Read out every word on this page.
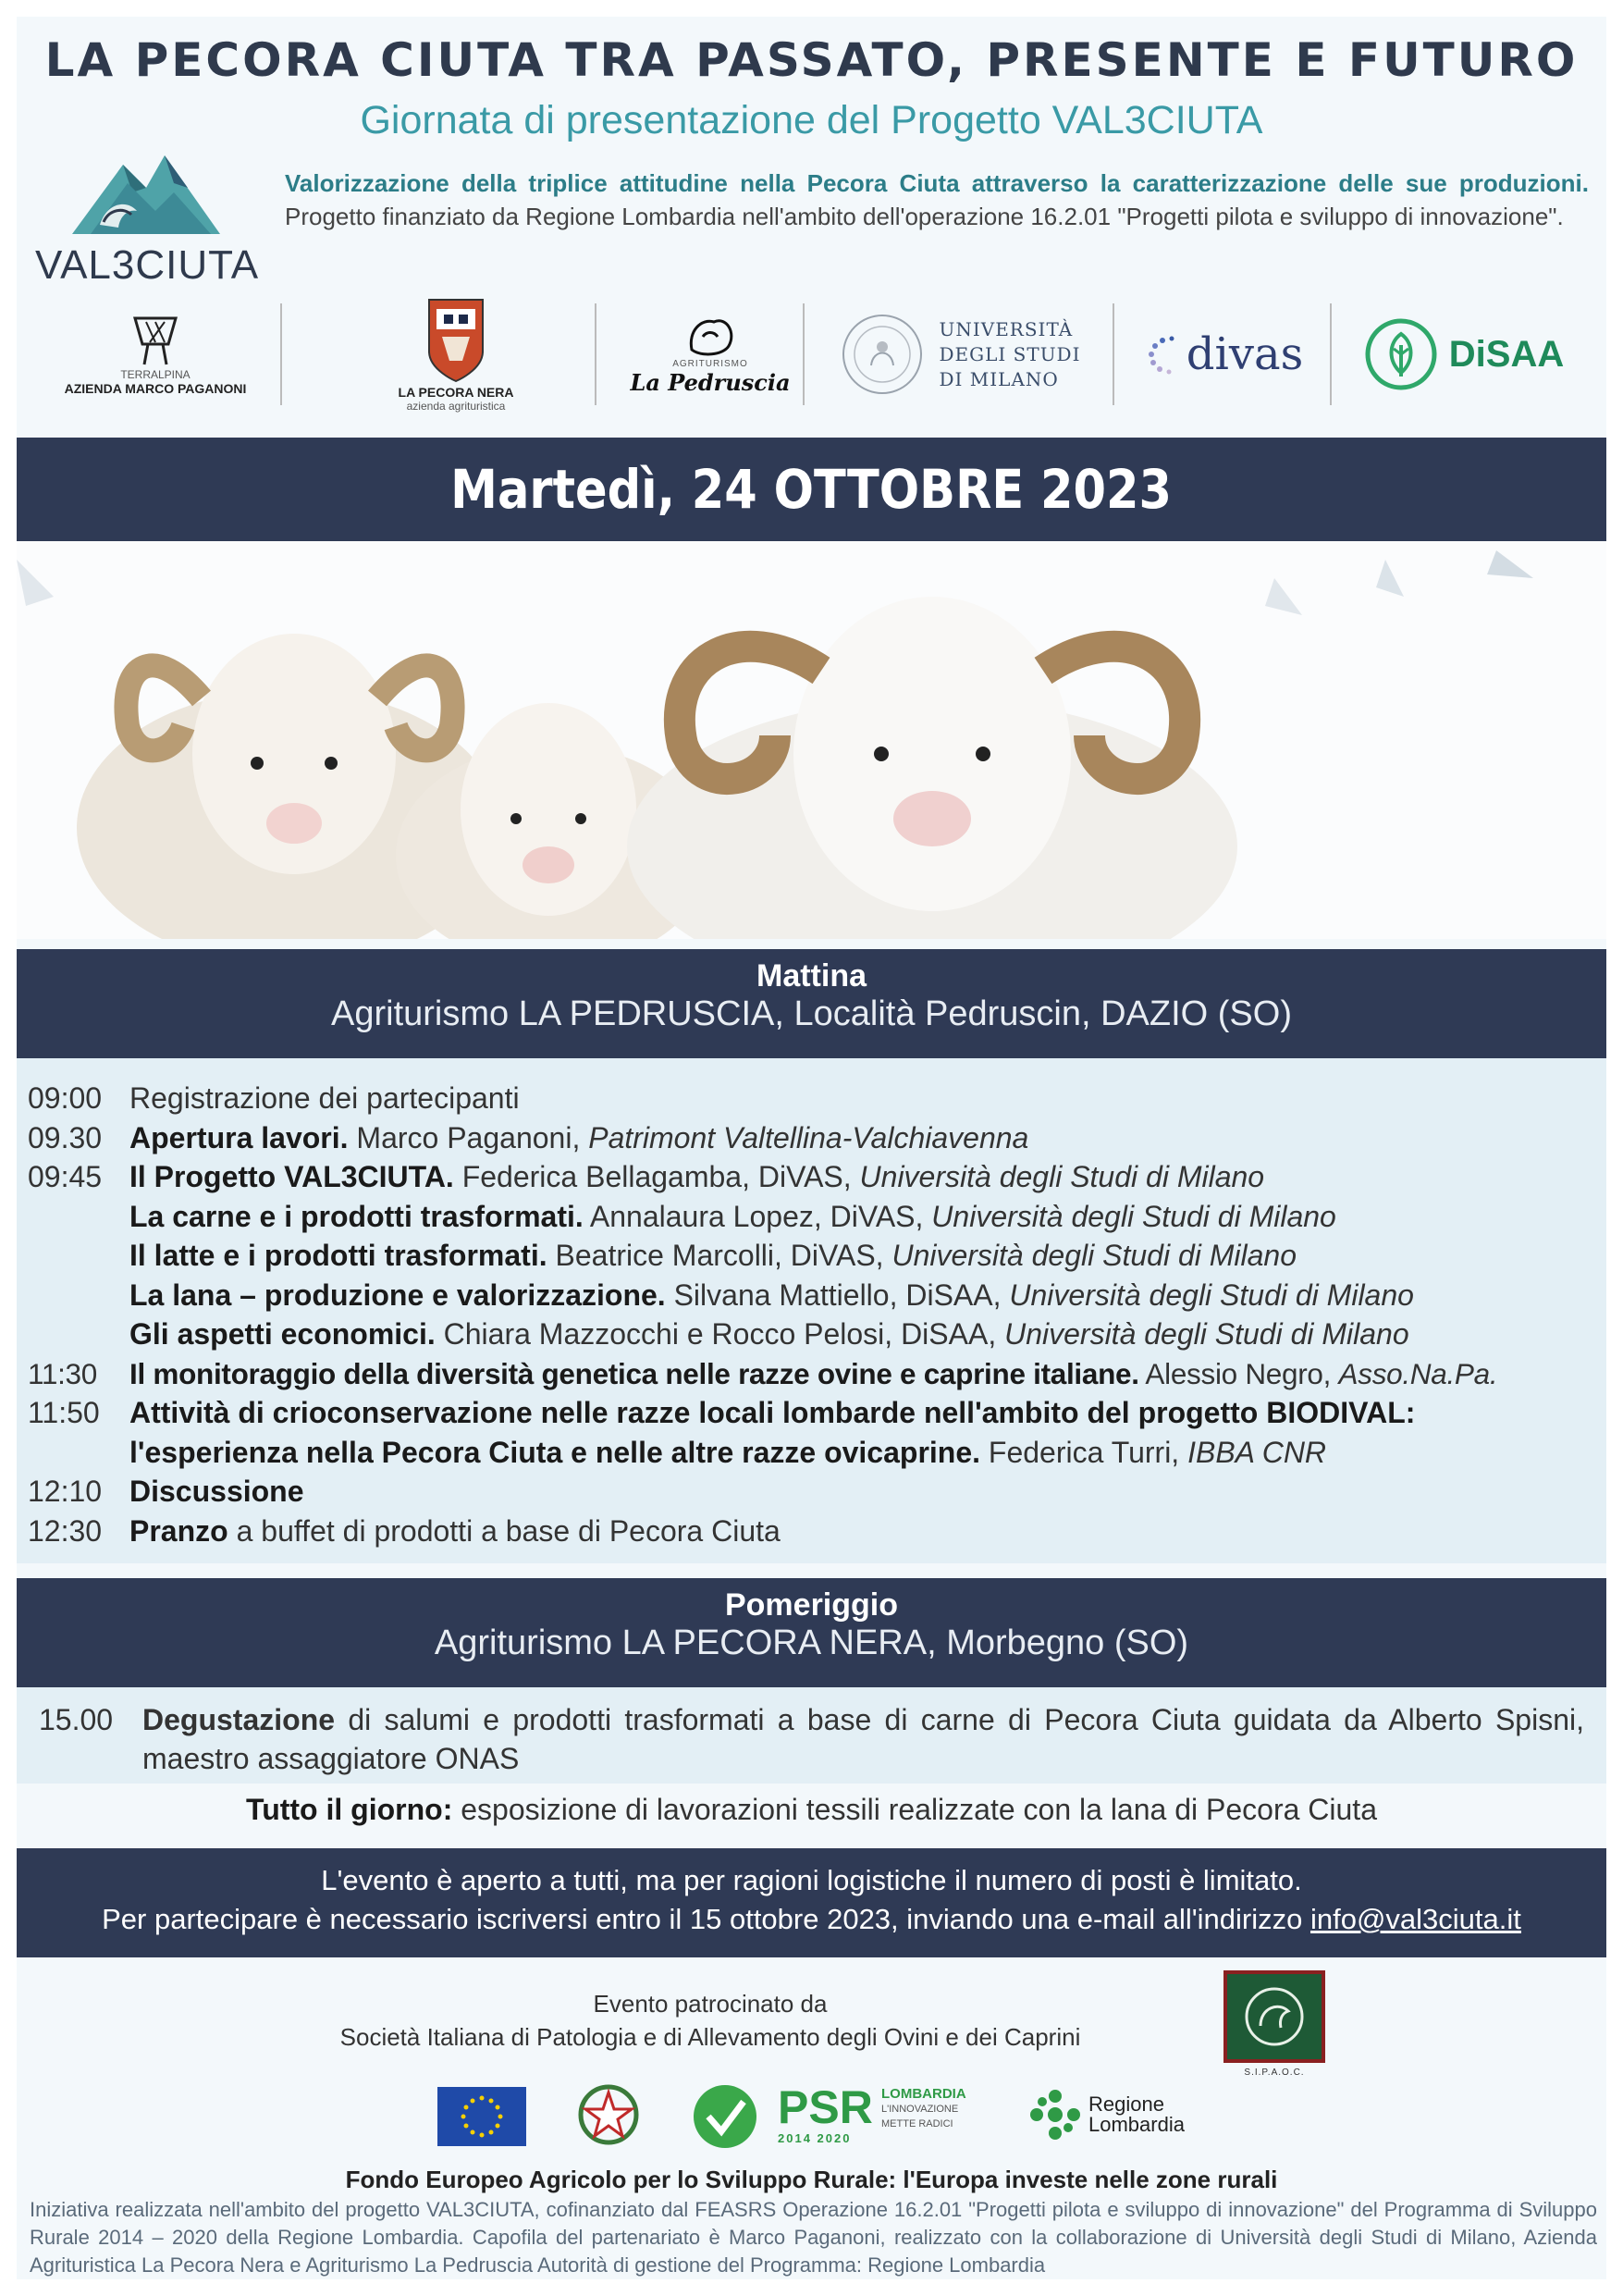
LA PECORA CIUTA TRA PASSATO, PRESENTE E FUTURO
Giornata di presentazione del Progetto VAL3CIUTA
VAL3CIUTA
Valorizzazione della triplice attitudine nella Pecora Ciuta attraverso la caratterizzazione delle sue produzioni. Progetto finanziato da Regione Lombardia nell'ambito dell'operazione 16.2.01 "Progetti pilota e sviluppo di innovazione".
TERRALPINA
AZIENDA MARCO PAGANONI	LA PECORA NERA
azienda agrituristica
AGRITURISMO
La Pedruscia
UNIVERSITÀ
DEGLI STUDI
DI MILANO	divas	DiSAA
Martedì, 24 OTTOBRE 2023
Mattina
Agriturismo LA PEDRUSCIA, Località Pedruscin, DAZIO (SO)
09:00 Registrazione dei partecipanti
09.30 Apertura lavori. Marco Paganoni, Patrimont Valtellina-Valchiavenna
09:45 Il Progetto VAL3CIUTA. Federica Bellagamba, DiVAS, Università degli Studi di Milano
La carne e i prodotti trasformati. Annalaura Lopez, DiVAS, Università degli Studi di Milano
Il latte e i prodotti trasformati. Beatrice Marcolli, DiVAS, Università degli Studi di Milano
La lana – produzione e valorizzazione. Silvana Mattiello, DiSAA, Università degli Studi di Milano
Gli aspetti economici. Chiara Mazzocchi e Rocco Pelosi, DiSAA, Università degli Studi di Milano
11:30	Il monitoraggio della diversità genetica nelle razze ovine e caprine italiane. Alessio Negro, Asso.Na.Pa.
11:50	Attività di crioconservazione nelle razze locali lombarde nell'ambito del progetto BIODIVAL:
l'esperienza nella Pecora Ciuta e nelle altre razze ovicaprine. Federica Turri, IBBA CNR
12:10 Discussione
12:30 Pranzo a buffet di prodotti a base di Pecora Ciuta
Pomeriggio
Agriturismo LA PECORA NERA, Morbegno (SO)
15.00 Degustazione di salumi e prodotti trasformati a base di carne di Pecora Ciuta guidata da Alberto Spisni, maestro assaggiatore ONAS
Tutto il giorno: esposizione di lavorazioni tessili realizzate con la lana di Pecora Ciuta
L'evento è aperto a tutti, ma per ragioni logistiche il numero di posti è limitato.
Per partecipare è necessario iscriversi entro il 15 ottobre 2023, inviando una e-mail all'indirizzo info@val3ciuta.it
Evento patrocinato da
Società Italiana di Patologia e di Allevamento degli Ovini e dei Caprini
S.I.P.A.O.C.
PSR
2014 2020
LOMBARDIA
L'INNOVAZIONE
METTE RADICI
Regione
Lombardia
Fondo Europeo Agricolo per lo Sviluppo Rurale: l'Europa investe nelle zone rurali
Iniziativa realizzata nell'ambito del progetto VAL3CIUTA, cofinanziato dal FEASRS Operazione 16.2.01 "Progetti pilota e sviluppo di innovazione" del Programma di Sviluppo Rurale 2014 – 2020 della Regione Lombardia. Capofila del partenariato è Marco Paganoni, realizzato con la collaborazione di Università degli Studi di Milano, Azienda Agrituristica La Pecora Nera e Agriturismo La Pedruscia Autorità di gestione del Programma: Regione Lombardia
